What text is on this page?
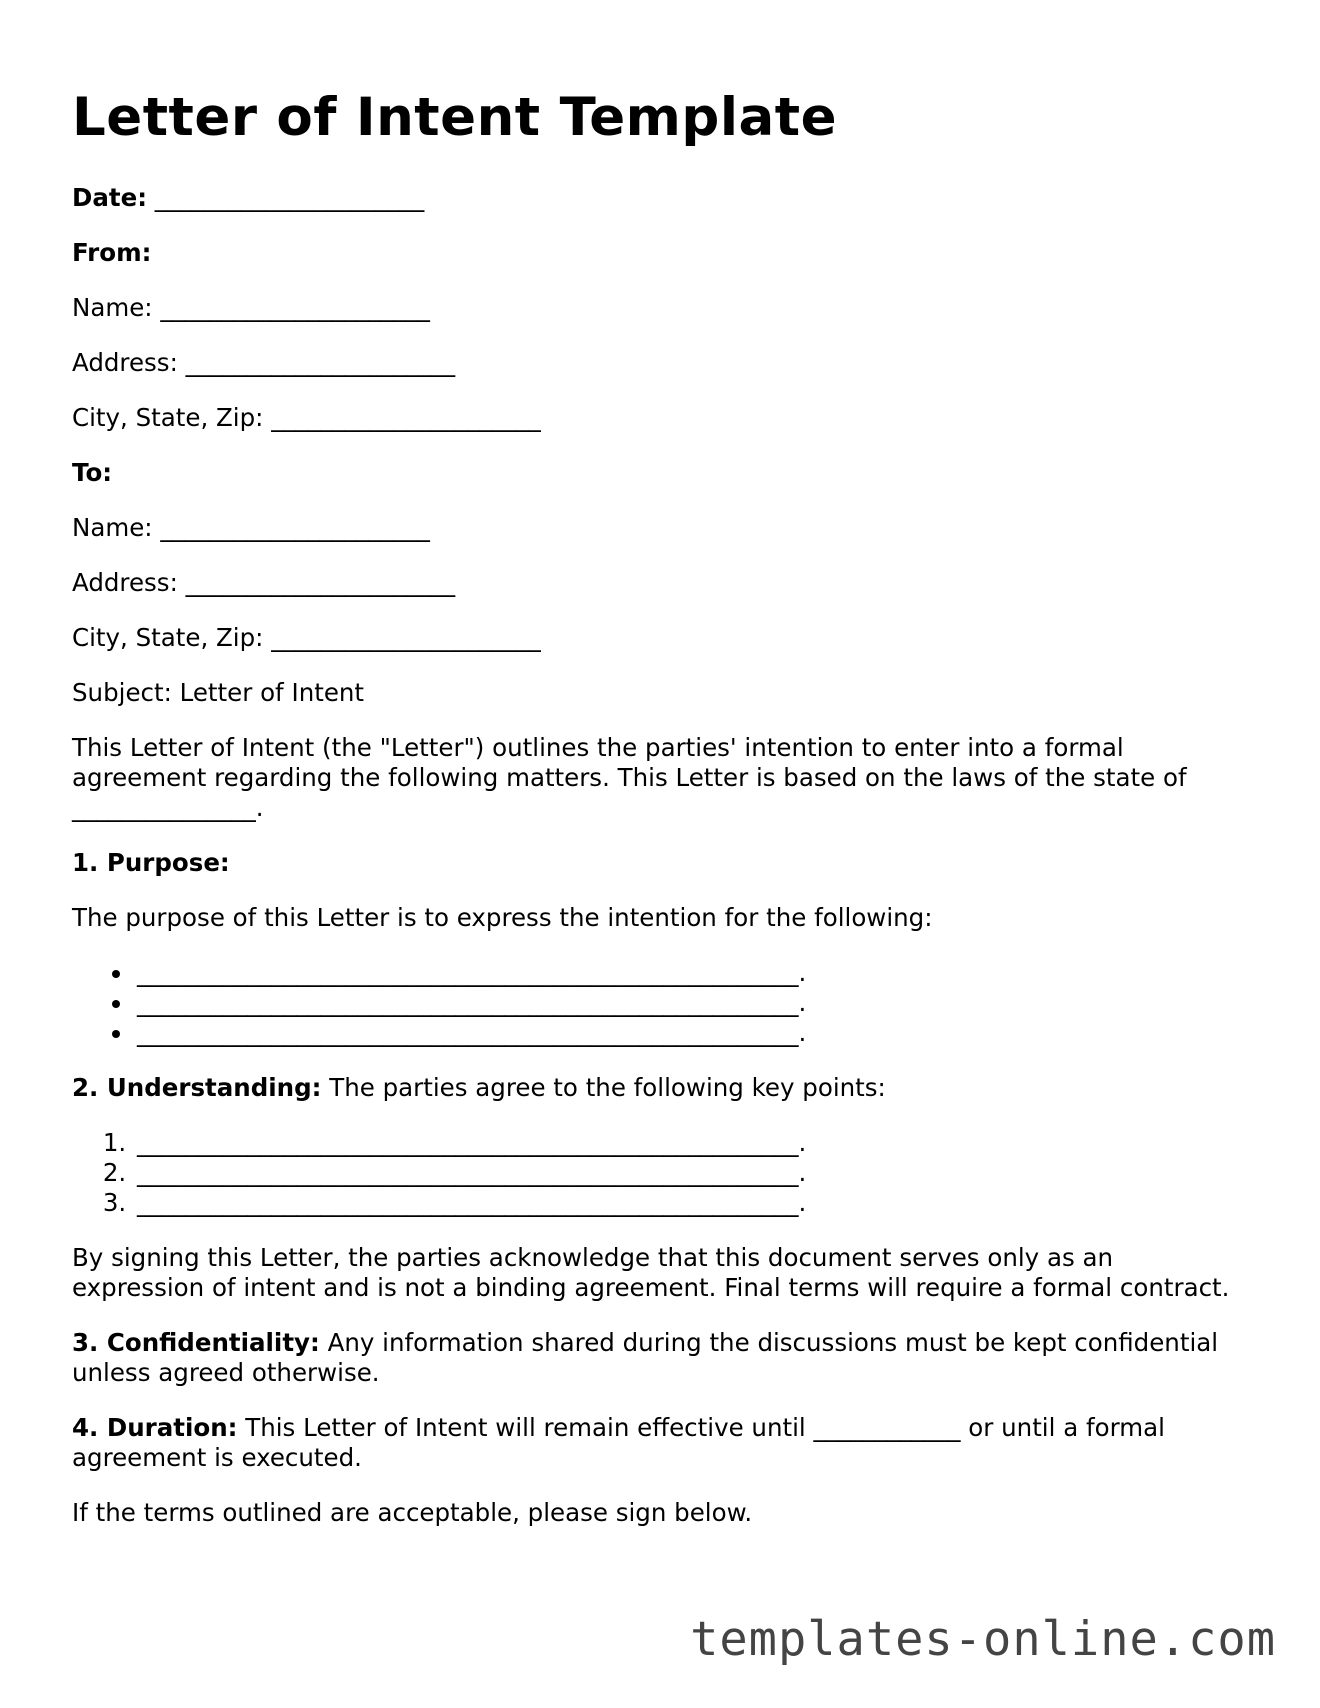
Letter of Intent Template

Date: ______________________

From:

Name: ______________________

Address: ______________________

City, State, Zip: ______________________

To:

Name: ______________________

Address: ______________________

City, State, Zip: ______________________

Subject: Letter of Intent

This Letter of Intent (the "Letter") outlines the parties' intention to enter into a formal agreement regarding the following matters. This Letter is based on the laws of the state of _______________.

1. Purpose:

The purpose of this Letter is to express the intention for the following:

• ______________________________________________________.
• ______________________________________________________.
• ______________________________________________________.

2. Understanding: The parties agree to the following key points:

1. ______________________________________________________.
2. ______________________________________________________.
3. ______________________________________________________.

By signing this Letter, the parties acknowledge that this document serves only as an expression of intent and is not a binding agreement. Final terms will require a formal contract.

3. Confidentiality: Any information shared during the discussions must be kept confidential unless agreed otherwise.

4. Duration: This Letter of Intent will remain effective until ____________ or until a formal agreement is executed.

If the terms outlined are acceptable, please sign below.

templates-online.com
